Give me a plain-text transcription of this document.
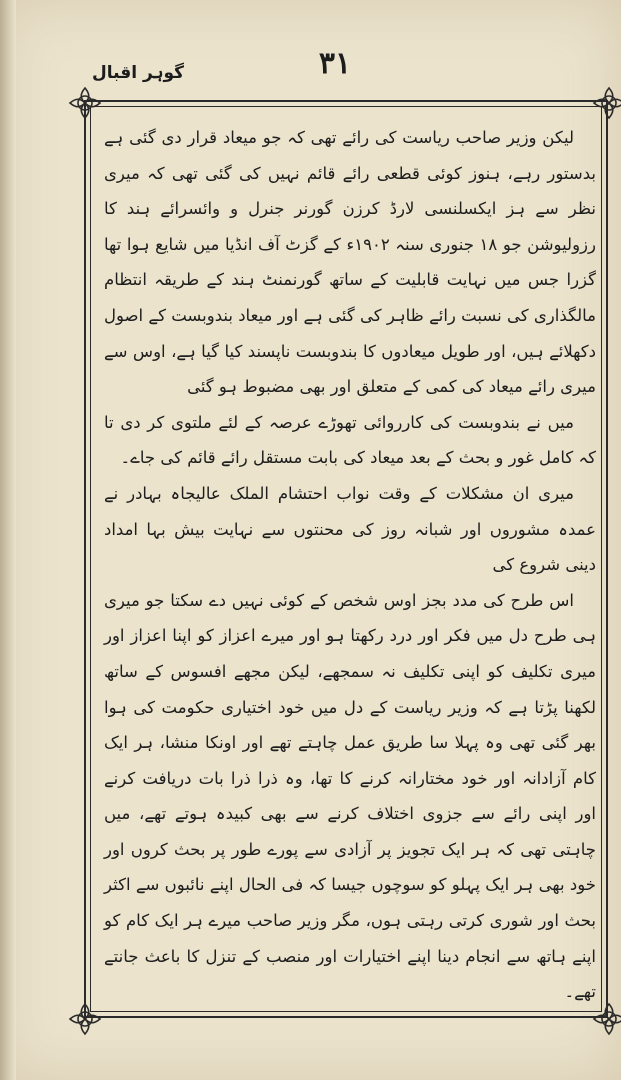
۳۱
گوہر اقبال

لیکن وزیر صاحب ریاست کی رائے تھی کہ جو میعاد قرار دی گئی ہے بدستور رہے، ہنوز کوئی قطعی رائے قائم نہیں کی گئی تھی کہ میری نظر سے ہز ایکسلنسی لارڈ کرزن گورنر جنرل و وائسرائے ہند کا رزولیوشن جو ۱۸ جنوری سنہ ۱۹۰۲ء کے گزٹ آف انڈیا میں شایع ہوا تھا گزرا جس میں نہایت قابلیت کے ساتھ گورنمنٹ ہند کے طریقہ انتظام مالگذاری کی نسبت رائے ظاہر کی گئی ہے اور میعاد بندوبست کے اصول دکھلائے ہیں، اور طویل میعادوں کا بندوبست ناپسند کیا گیا ہے، اوس سے میری رائے میعاد کی کمی کے متعلق اور بھی مضبوط ہو گئی

میں نے بندوبست کی کارروائی تھوڑے عرصہ کے لئے ملتوی کر دی تا کہ کامل غور و بحث کے بعد میعاد کی بابت مستقل رائے قائم کی جاے۔

میری ان مشکلات کے وقت نواب احتشام الملک عالیجاہ بہادر نے عمدہ مشوروں اور شبانہ روز کی محنتوں سے نہایت بیش بہا امداد دینی شروع کی

اس طرح کی مدد بجز اوس شخص کے کوئی نہیں دے سکتا جو میری ہی طرح دل میں فکر اور درد رکھتا ہو اور میرے اعزاز کو اپنا اعزاز اور میری تکلیف کو اپنی تکلیف نہ سمجھے، لیکن مجھے افسوس کے ساتھ لکھنا پڑتا ہے کہ وزیر ریاست کے دل میں خود اختیاری حکومت کی ہوا بھر گئی تھی وہ پہلا سا طریق عمل چاہتے تھے اور اونکا منشا، ہر ایک کام آزادانہ اور خود مختارانہ کرنے کا تھا، وہ ذرا ذرا بات دریافت کرنے اور اپنی رائے سے جزوی اختلاف کرنے سے بھی کبیدہ ہوتے تھے، میں چاہتی تھی کہ ہر ایک تجویز پر آزادی سے پورے طور پر بحث کروں اور خود بھی ہر ایک پہلو کو سوچوں جیسا کہ فی الحال اپنے نائبوں سے اکثر بحث اور شوری کرتی رہتی ہوں، مگر وزیر صاحب میرے ہر ایک کام کو اپنے ہاتھ سے انجام دینا اپنے اختیارات اور منصب کے تنزل کا باعث جانتے تھے۔
